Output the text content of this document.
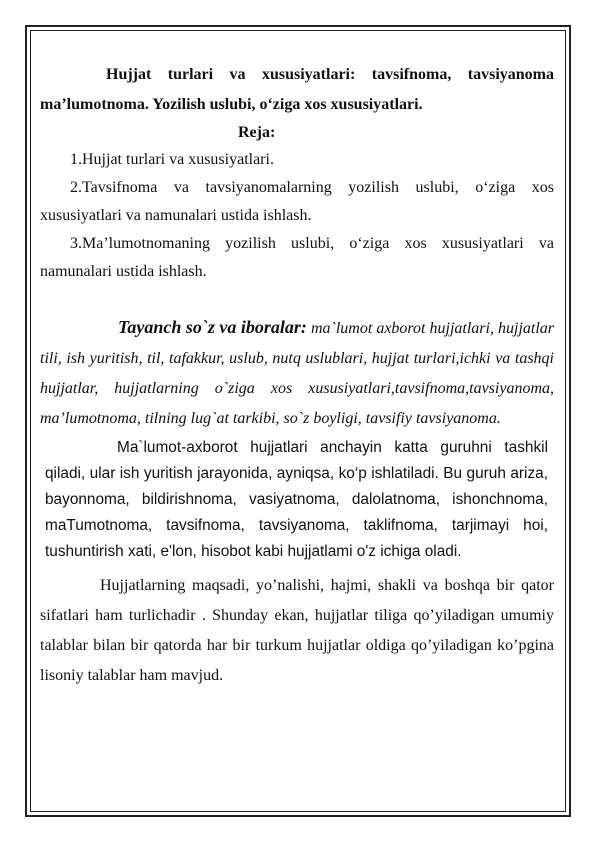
Hujjat turlari va xususiyatlari: tavsifnoma, tavsiyanoma ma’lumotnoma. Yozilish uslubi, o‘ziga xos xususiyatlari.

Reja:

1.Hujjat turlari va xususiyatlari.

2.Tavsifnoma va tavsiyanomalarning yozilish uslubi, o‘ziga xos xususiyatlari va namunalari ustida ishlash.

3.Ma’lumotnomaning yozilish uslubi, o‘ziga xos xususiyatlari va namunalari ustida ishlash.

Tayanch so`z va iboralar: ma`lumot axborot hujjatlari, hujjatlar tili, ish yuritish, til, tafakkur, uslub, nutq uslublari, hujjat turlari,ichki va tashqi hujjatlar, hujjatlarning o`ziga xos xususiyatlari,tavsifnoma,tavsiyanoma, ma’lumotnoma, tilning lug`at tarkibi, so`z boyligi, tavsifiy tavsiyanoma.

Ma`lumot-axborot hujjatlari anchayin katta guruhni tashkil qiladi, ular ish yuritish jarayonida, ayniqsa, ko‘p ishlatiladi. Bu guruh ariza, bayonnoma, bildirishnoma, vasiyatnoma, dalolatnoma, ishonchnoma, maTumotnoma, tavsifnoma, tavsiyanoma, taklifnoma, tarjimayi hoi, tushuntirish xati, e'lon, hisobot kabi hujjatlami o'z ichiga oladi.

Hujjatlarning maqsadi, yo’nalishi, hajmi, shakli va boshqa bir qator sifatlari ham turlichadir . Shunday ekan, hujjatlar tiliga qo’yiladigan umumiy talablar bilan bir qatorda har bir turkum hujjatlar oldiga qo’yiladigan ko’pgina lisoniy talablar ham mavjud.
